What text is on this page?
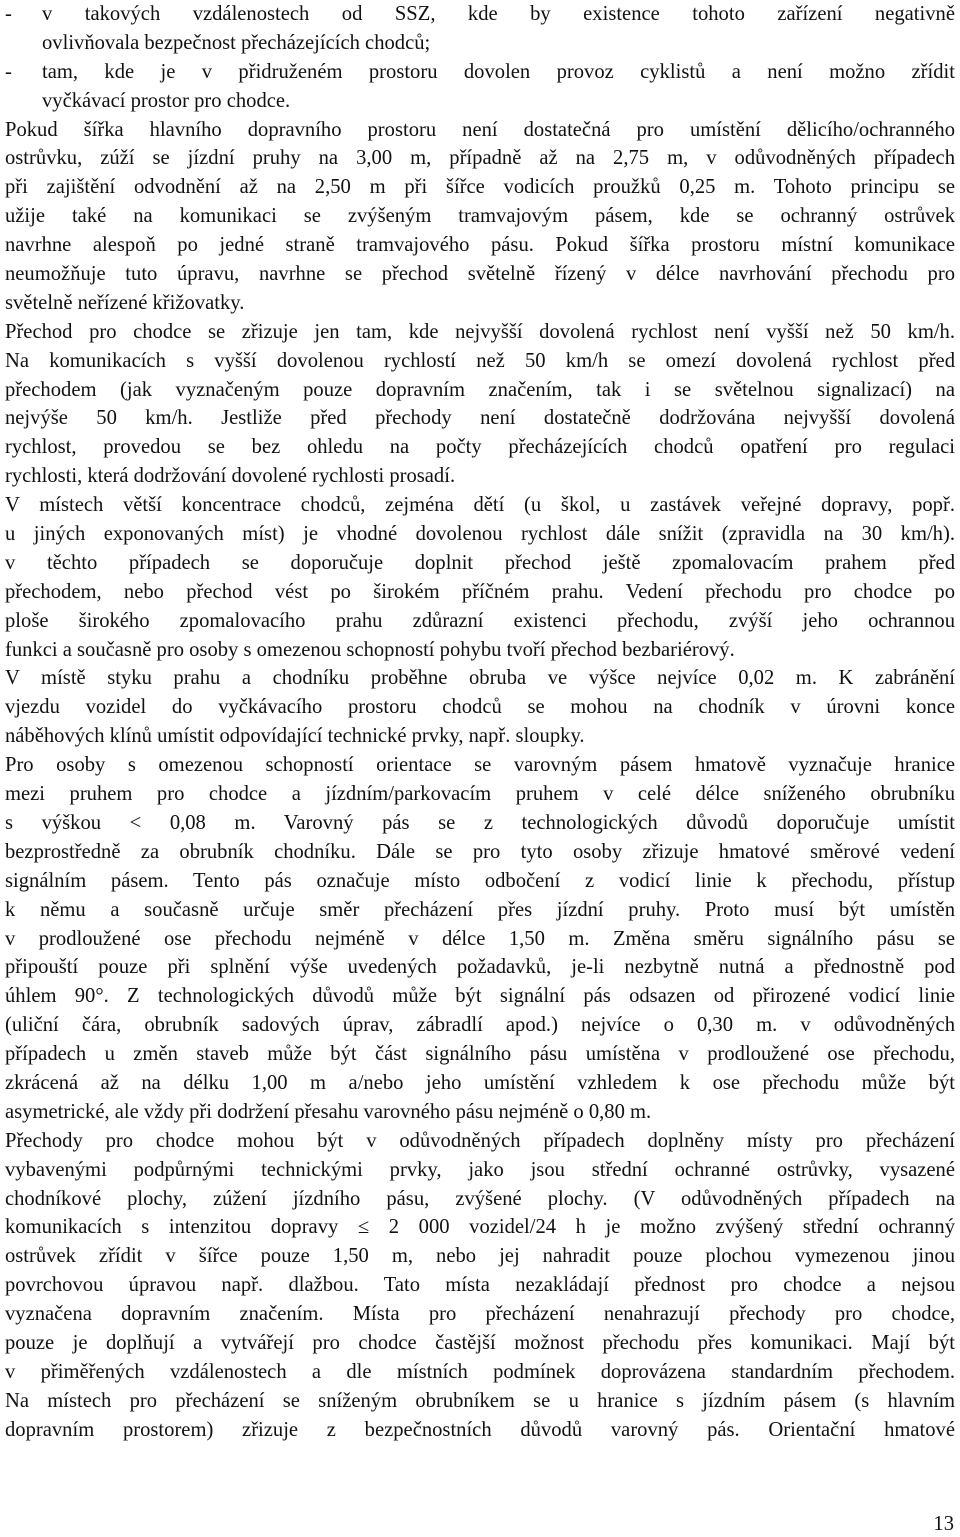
-	v takových vzdálenostech od SSZ, kde by existence tohoto zařízení negativně
ovlivňovala bezpečnost přecházejících chodců;
-	tam, kde je v přidruženém prostoru dovolen provoz cyklistů a není možno zřídit
vyčkávací prostor pro chodce.
Pokud šířka hlavního dopravního prostoru není dostatečná pro umístění dělicího/ochranného
ostrůvku, zúží se jízdní pruhy na 3,00 m, případně až na 2,75 m, v odůvodněných případech
při zajištění odvodnění až na 2,50 m při šířce vodicích proužků 0,25 m. Tohoto principu se
užije také na komunikaci se zvýšeným tramvajovým pásem, kde se ochranný ostrůvek
navrhne alespoň po jedné straně tramvajového pásu. Pokud šířka prostoru místní komunikace
neumožňuje tuto úpravu, navrhne se přechod světelně řízený v délce navrhování přechodu pro
světelně neřízené křižovatky.
Přechod pro chodce se zřizuje jen tam, kde nejvyšší dovolená rychlost není vyšší než 50 km/h.
Na komunikacích s vyšší dovolenou rychlostí než 50 km/h se omezí dovolená rychlost před
přechodem (jak vyznačeným pouze dopravním značením, tak i se světelnou signalizací) na
nejvýše 50 km/h. Jestliže před přechody není dostatečně dodržována nejvyšší dovolená
rychlost, provedou se bez ohledu na počty přecházejících chodců opatření pro regulaci
rychlosti, která dodržování dovolené rychlosti prosadí.
V místech větší koncentrace chodců, zejména dětí (u škol, u zastávek veřejné dopravy, popř.
u jiných exponovaných míst) je vhodné dovolenou rychlost dále snížit (zpravidla na 30 km/h).
v těchto případech se doporučuje doplnit přechod ještě zpomalovacím prahem před
přechodem, nebo přechod vést po širokém příčném prahu. Vedení přechodu pro chodce po
ploše širokého zpomalovacího prahu zdůrazní existenci přechodu, zvýší jeho ochrannou
funkci a současně pro osoby s omezenou schopností pohybu tvoří přechod bezbariérový.
V místě styku prahu a chodníku proběhne obruba ve výšce nejvíce 0,02 m. K zabránění
vjezdu vozidel do vyčkávacího prostoru chodců se mohou na chodník v úrovni konce
náběhových klínů umístit odpovídající technické prvky, např. sloupky.
Pro osoby s omezenou schopností orientace se varovným pásem hmatově vyznačuje hranice
mezi pruhem pro chodce a jízdním/parkovacím pruhem v celé délce sníženého obrubníku
s výškou < 0,08 m. Varovný pás se z technologických důvodů doporučuje umístit
bezprostředně za obrubník chodníku. Dále se pro tyto osoby zřizuje hmatové směrové vedení
signálním pásem. Tento pás označuje místo odbočení z vodicí linie k přechodu, přístup
k němu a současně určuje směr přecházení přes jízdní pruhy. Proto musí být umístěn
v prodloužené ose přechodu nejméně v délce 1,50 m. Změna směru signálního pásu se
připouští pouze při splnění výše uvedených požadavků, je-li nezbytně nutná a přednostně pod
úhlem 90°. Z technologických důvodů může být signální pás odsazen od přirozené vodicí linie
(uliční čára, obrubník sadových úprav, zábradlí apod.) nejvíce o 0,30 m. v odůvodněných
případech u změn staveb může být část signálního pásu umístěna v prodloužené ose přechodu,
zkrácená až na délku 1,00 m a/nebo jeho umístění vzhledem k ose přechodu může být
asymetrické, ale vždy při dodržení přesahu varovného pásu nejméně o 0,80 m.
Přechody pro chodce mohou být v odůvodněných případech doplněny místy pro přecházení
vybavenými podpůrnými technickými prvky, jako jsou střední ochranné ostrůvky, vysazené
chodníkové plochy, zúžení jízdního pásu, zvýšené plochy. (V odůvodněných případech na
komunikacích s intenzitou dopravy ≤ 2 000 vozidel/24 h je možno zvýšený střední ochranný
ostrůvek zřídit v šířce pouze 1,50 m, nebo jej nahradit pouze plochou vymezenou jinou
povrchovou úpravou např. dlažbou. Tato místa nezakládají přednost pro chodce a nejsou
vyznačena dopravním značením. Místa pro přecházení nenahrazují přechody pro chodce,
pouze je doplňují a vytvářejí pro chodce častější možnost přechodu přes komunikaci. Mají být
v přiměřených vzdálenostech a dle místních podmínek doprovázena standardním přechodem.
Na místech pro přecházení se sníženým obrubníkem se u hranice s jízdním pásem (s hlavním
dopravním prostorem) zřizuje z bezpečnostních důvodů varovný pás. Orientační hmatové
13
